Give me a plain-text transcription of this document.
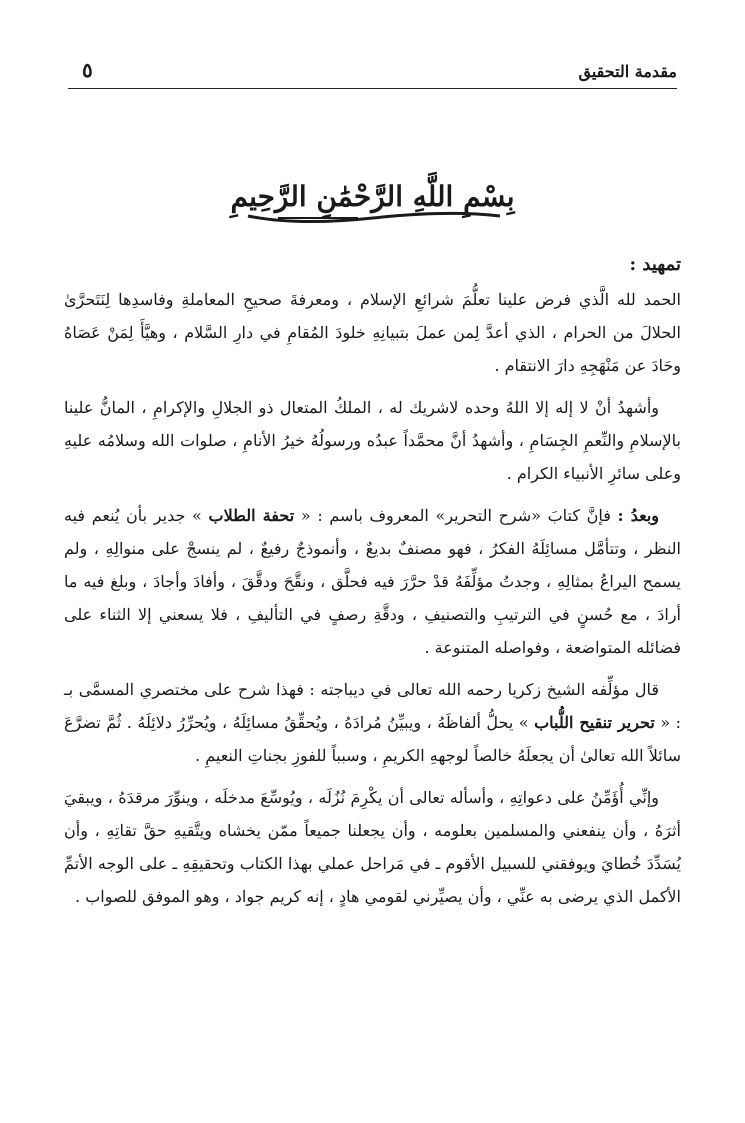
مقدمة التحقيق
٥
بِسْمِ اللَّهِ الرَّحْمَٰنِ الرَّحِيمِ
تمهيد :

الحمد لله الَّذي فرض علينا تعلُّمَ شرائعِ الإسلام ، ومعرفةَ صحيحِ المعاملةِ وفاسدِها لِنَتَحرَّىٰ الحلالَ من الحرام ، الذي أعدَّ لِمن عملَ بتبيانِهِ خلودَ المُقامِ في دارِ السَّلام ، وهيَّأَ لِمَنْ عَصَاهُ وحَادَ عن مَنْهَجِهِ دارَ الانتقام .

وأشهدُ أنْ لا إله إلا اللهُ وحده لاشريك له ، الملكُ المتعال ذو الجلالِ والإكرامِ ، المانُّ علينا بالإسلامِ والنِّعمِ الجِسَامِ ، وأشهدُ أنَّ محمَّداً عبدُه ورسولُهُ خيرُ الأنامِ ، صلوات الله وسلامُه عليهِ وعلى سائرِ الأنبياء الكرام .

وبعدُ : فإنَّ كتابَ «شرح التحرير» المعروف باسم : « تحفة الطلاب » جدير بأن يُنعم فيه النظر ، وتتأمَّل مسائِلَهُ الفكرُ ، فهو مصنفٌ بديعٌ ، وأنموذجٌ رفيعٌ ، لم ينسجْ على منوالِهِ ، ولم يسمح اليراعُ بمثالِهِ ، وجدتُ مؤلِّفَهُ قدْ حرَّرَ فيه فحلَّق ، ونقَّحَ ودقَّقَ ، وأفادَ وأجادَ ، وبلغ فيه ما أرادَ ، مع حُسنٍ في الترتيبِ والتصنيفِ ، ودقَّةِ رصفٍ في التأليفِ ، فلا يسعني إلا الثناء على فضائله المتواضعة ، وفواصله المتنوعة .

قال مؤلِّفه الشيخ زكريا رحمه الله تعالى في ديباجته : فهذا شرح على مختصري المسمَّى بـ : « تحرير تنقيح اللُّباب » يحلُّ ألفاظَهُ ، ويبيِّنُ مُرادَهُ ، ويُحقِّقُ مسائِلَهُ ، ويُحرِّرُ دلائِلَهُ . ثُمَّ تضرَّعَ سائلاً الله تعالىٰ أن يجعلَهُ خالصاً لوجههِ الكريمِ ، وسبباً للفوزِ بجناتِ النعيمِ .

وإنِّي أُؤَمِّنُ على دعواتِهِ ، وأسأله تعالى أن يكْرِمَ نُزُلَه ، ويُوسِّعَ مدخلَه ، وينوِّرَ مرقدَهُ ، ويبقيَ أثرَهُ ، وأن ينفعني والمسلمين بعلومه ، وأن يجعلنا جميعاً ممّن يخشاه ويتَّقيهِ حقَّ تقاتِهِ ، وأن يُسَدِّدَ خُطايَ ويوفقني للسبيل الأقوم ـ في مَراحل عملي بهذا الكتاب وتحقيقِهِ ـ على الوجه الأتمِّ الأكمل الذي يرضى به عنِّي ، وأن يصيِّرني لقومي هادٍ ، إنه كريم جواد ، وهو الموفق للصواب .
